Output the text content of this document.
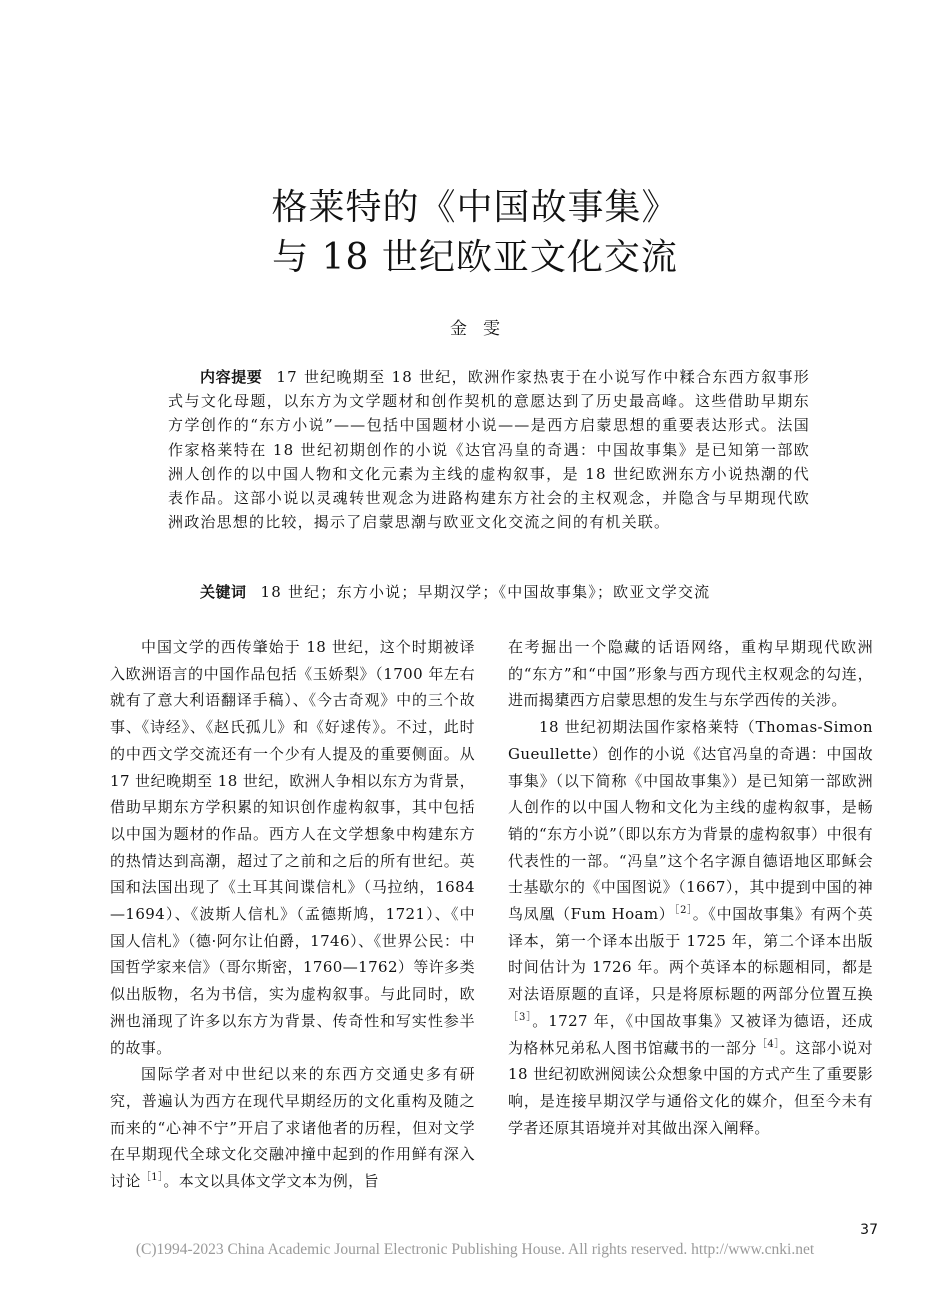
格莱特的《中国故事集》
与 18 世纪欧亚文化交流
金雯
内容提要 17 世纪晚期至 18 世纪，欧洲作家热衷于在小说写作中糅合东西方叙事形式与文化母题，以东方为文学题材和创作契机的意愿达到了历史最高峰。这些借助早期东方学创作的“东方小说”——包括中国题材小说——是西方启蒙思想的重要表达形式。法国作家格莱特在 18 世纪初期创作的小说《达官冯皇的奇遇：中国故事集》是已知第一部欧洲人创作的以中国人物和文化元素为主线的虚构叙事，是 18 世纪欧洲东方小说热潮的代表作品。这部小说以灵魂转世观念为进路构建东方社会的主权观念，并隐含与早期现代欧洲政治思想的比较，揭示了启蒙思潮与欧亚文化交流之间的有机关联。
关键词 18 世纪；东方小说；早期汉学；《中国故事集》；欧亚文学交流

中国文学的西传肇始于 18 世纪，这个时期被译入欧洲语言的中国作品包括《玉娇梨》（1700 年左右就有了意大利语翻译手稿）、《今古奇观》中的三个故事、《诗经》、《赵氏孤儿》和《好逑传》。不过，此时的中西文学交流还有一个少有人提及的重要侧面。从 17 世纪晚期至 18 世纪，欧洲人争相以东方为背景，借助早期东方学积累的知识创作虚构叙事，其中包括以中国为题材的作品。西方人在文学想象中构建东方的热情达到高潮，超过了之前和之后的所有世纪。英国和法国出现了《土耳其间谍信札》（马拉纳，1684—1694）、《波斯人信札》（孟德斯鸠，1721）、《中国人信札》（德·阿尔让伯爵，1746）、《世界公民：中国哲学家来信》（哥尔斯密，1760—1762）等许多类似出版物，名为书信，实为虚构叙事。与此同时，欧洲也涌现了许多以东方为背景、传奇性和写实性参半的故事。

国际学者对中世纪以来的东西方交通史多有研究，普遍认为西方在现代早期经历的文化重构及随之而来的“心神不宁”开启了求诸他者的历程，但对文学在早期现代全球文化交融冲撞中起到的作用鲜有深入讨论$^{[1]}$。本文以具体文学文本为例，旨

在考掘出一个隐藏的话语网络，重构早期现代欧洲的“东方”和“中国”形象与西方现代主权观念的勾连，进而揭橥西方启蒙思想的发生与东学西传的关涉。

18 世纪初期法国作家格莱特（Thomas-Simon Gueullette）创作的小说《达官冯皇的奇遇：中国故事集》（以下简称《中国故事集》）是已知第一部欧洲人创作的以中国人物和文化为主线的虚构叙事，是畅销的“东方小说”（即以东方为背景的虚构叙事）中很有代表性的一部。“冯皇”这个名字源自德语地区耶稣会士基歇尔的《中国图说》（1667），其中提到中国的神鸟凤凰（Fum Hoam）$^{[2]}$。《中国故事集》有两个英译本，第一个译本出版于 1725 年，第二个译本出版时间估计为 1726 年。两个英译本的标题相同，都是对法语原题的直译，只是将原标题的两部分位置互换$^{[3]}$。1727 年，《中国故事集》又被译为德语，还成为格林兄弟私人图书馆藏书的一部分$^{[4]}$。这部小说对 18 世纪初欧洲阅读公众想象中国的方式产生了重要影响，是连接早期汉学与通俗文化的媒介，但至今未有学者还原其语境并对其做出深入阐释。

37
(C)1994-2023 China Academic Journal Electronic Publishing House. All rights reserved. http://www.cnki.net
